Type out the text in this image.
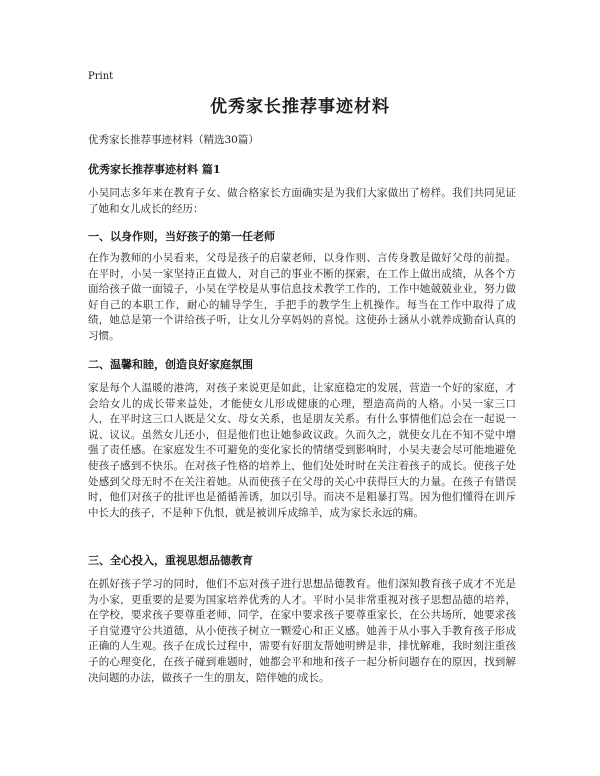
Print
优秀家长推荐事迹材料
优秀家长推荐事迹材料（精选30篇）
优秀家长推荐事迹材料 篇1
小吴同志多年来在教育子女、做合格家长方面确实是为我们大家做出了榜样。我们共同见证了她和女儿成长的经历：
一、以身作则，当好孩子的第一任老师
在作为教师的小吴看来，父母是孩子的启蒙老师，以身作则、言传身教是做好父母的前提。在平时，小吴一家坚持正直做人，对自己的事业不断的探索，在工作上做出成绩，从各个方面给孩子做一面镜子，小吴在学校是从事信息技术教学工作的，工作中她兢兢业业，努力做好自己的本职工作，耐心的辅导学生，手把手的教学生上机操作。每当在工作中取得了成绩，她总是第一个讲给孩子听，让女儿分享妈妈的喜悦。这使孙士涵从小就养成勤奋认真的习惯。
二、温馨和睦，创造良好家庭氛围
家是每个人温暖的港湾，对孩子来说更是如此，让家庭稳定的发展，营造一个好的家庭，才会给女儿的成长带来益处，才能使女儿形成健康的心理，塑造高尚的人格。小吴一家三口人，在平时这三口人既是父女、母女关系，也是朋友关系。有什么事情他们总会在一起说一说、议议。虽然女儿还小，但是他们也让她参政议政。久而久之，就使女儿在不知不觉中增强了责任感。在家庭发生不可避免的变化家长的情绪受到影响时，小吴夫妻会尽可能地避免使孩子感到不快乐。在对孩子性格的培养上，他们处处时时在关注着孩子的成长。使孩子处处感到父母无时不在关注着她。从而使孩子在父母的关心中获得巨大的力量。在孩子有错误时，他们对孩子的批评也是循循善诱，加以引导。而决不是粗暴打骂。因为他们懂得在训斥中长大的孩子，不是种下仇恨，就是被训斥成绵羊，成为家长永远的痛。
三、全心投入，重视思想品德教育
在抓好孩子学习的同时，他们不忘对孩子进行思想品德教育。他们深知教育孩子成才不光是为小家，更重要的是要为国家培养优秀的人才。平时小吴非常重视对孩子思想品德的培养，在学校，要求孩子要尊重老师、同学，在家中要求孩子要尊重家长，在公共场所，她要求孩子自觉遵守公共道德，从小使孩子树立一颗爱心和正义感。她善于从小事入手教育孩子形成正确的人生观。孩子在成长过程中，需要有好朋友帮她明辨是非，排忧解难，我时刻注重孩子的心理变化，在孩子碰到难题时，她都会平和地和孩子一起分析问题存在的原因，找到解决问题的办法，做孩子一生的朋友，陪伴她的成长。
